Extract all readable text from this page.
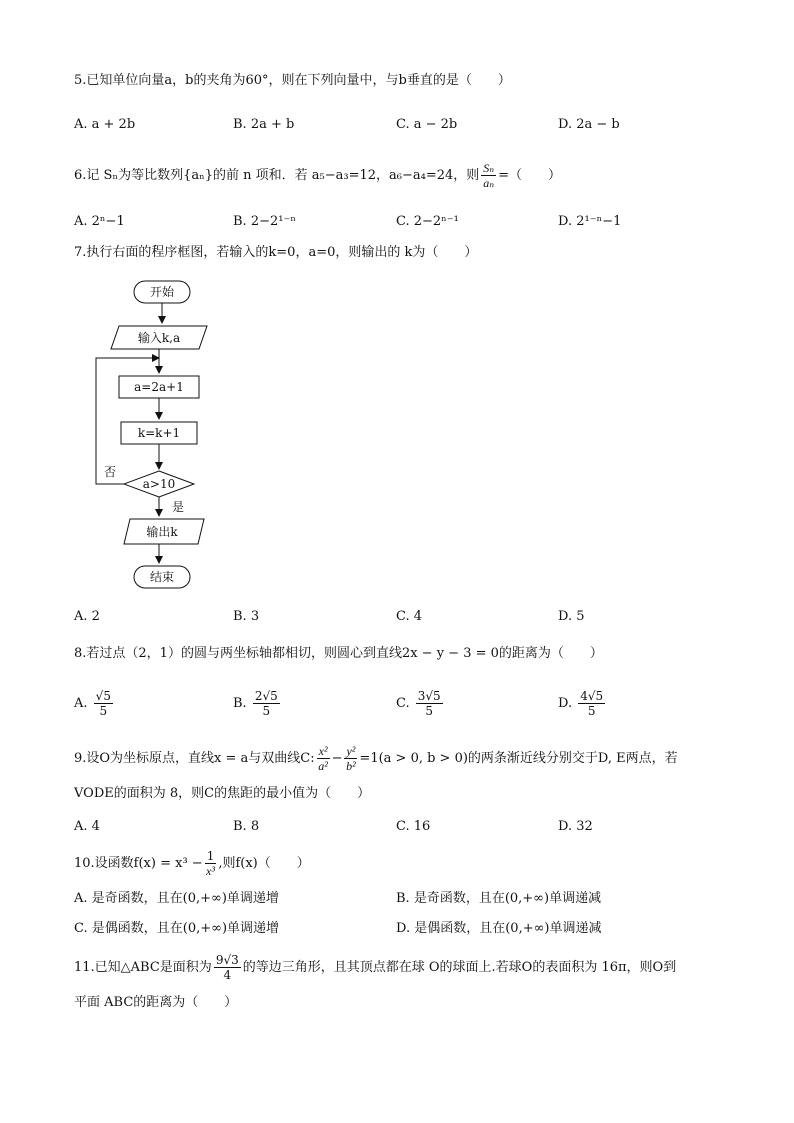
5.已知单位向量a，b的夹角为60°，则在下列向量中，与b垂直的是（　　）
A. a + 2b	B. 2a + b	C. a − 2b	D. 2a − b
6.记 Sₙ为等比数列{aₙ}的前 n 项和．若 a₅−a₃=12，a₆−a₄=24，则 $\frac{\text{Sₙ}}{\text{aₙ}}$ =（　　）
A. 2ⁿ−1	B. 2−2¹⁻ⁿ	C. 2−2ⁿ⁻¹	D. 2¹⁻ⁿ−1
7.执行右面的程序框图，若输入的k=0，a=0，则输出的 k为（　　）
开始
输入k,a
a=2a+1
k=k+1
a>10
否
是
输出k
结束
A. 2	B. 3	C. 4	D. 5
8.若过点（2，1）的圆与两坐标轴都相切，则圆心到直线2x − y − 3 = 0的距离为（　　）
A. $\frac{√5}{5}$	B. $\frac{2√5}{5}$	C. $\frac{3√5}{5}$	D. $\frac{4√5}{5}$
9.设O为坐标原点，直线x = a与双曲线C: $\frac{\text{x²}}{\text{a²}} - \frac{\text{y²}}{\text{b²}} =1(a > 0$, b > 0)的两条渐近线分别交于D, E两点，若
VODE的面积为 8，则C的焦距的最小值为（　　）
A. 4	B. 8	C. 16	D. 32
10.设函数$f(x) = x^3 - \frac{1}{\text{x³}}$ ,则f(x)（　　）
A. 是奇函数，且在(0,+∞)单调递增	B. 是奇函数，且在(0,+∞)单调递减
C. 是偶函数，且在(0,+∞)单调递增	D. 是偶函数，且在(0,+∞)单调递减
11.已知△ABC是面积为 $\frac{9√3}{4}$ 的等边三角形，且其顶点都在球 O的球面上.若球O的表面积为 16π，则O到
平面 ABC的距离为（　　）
